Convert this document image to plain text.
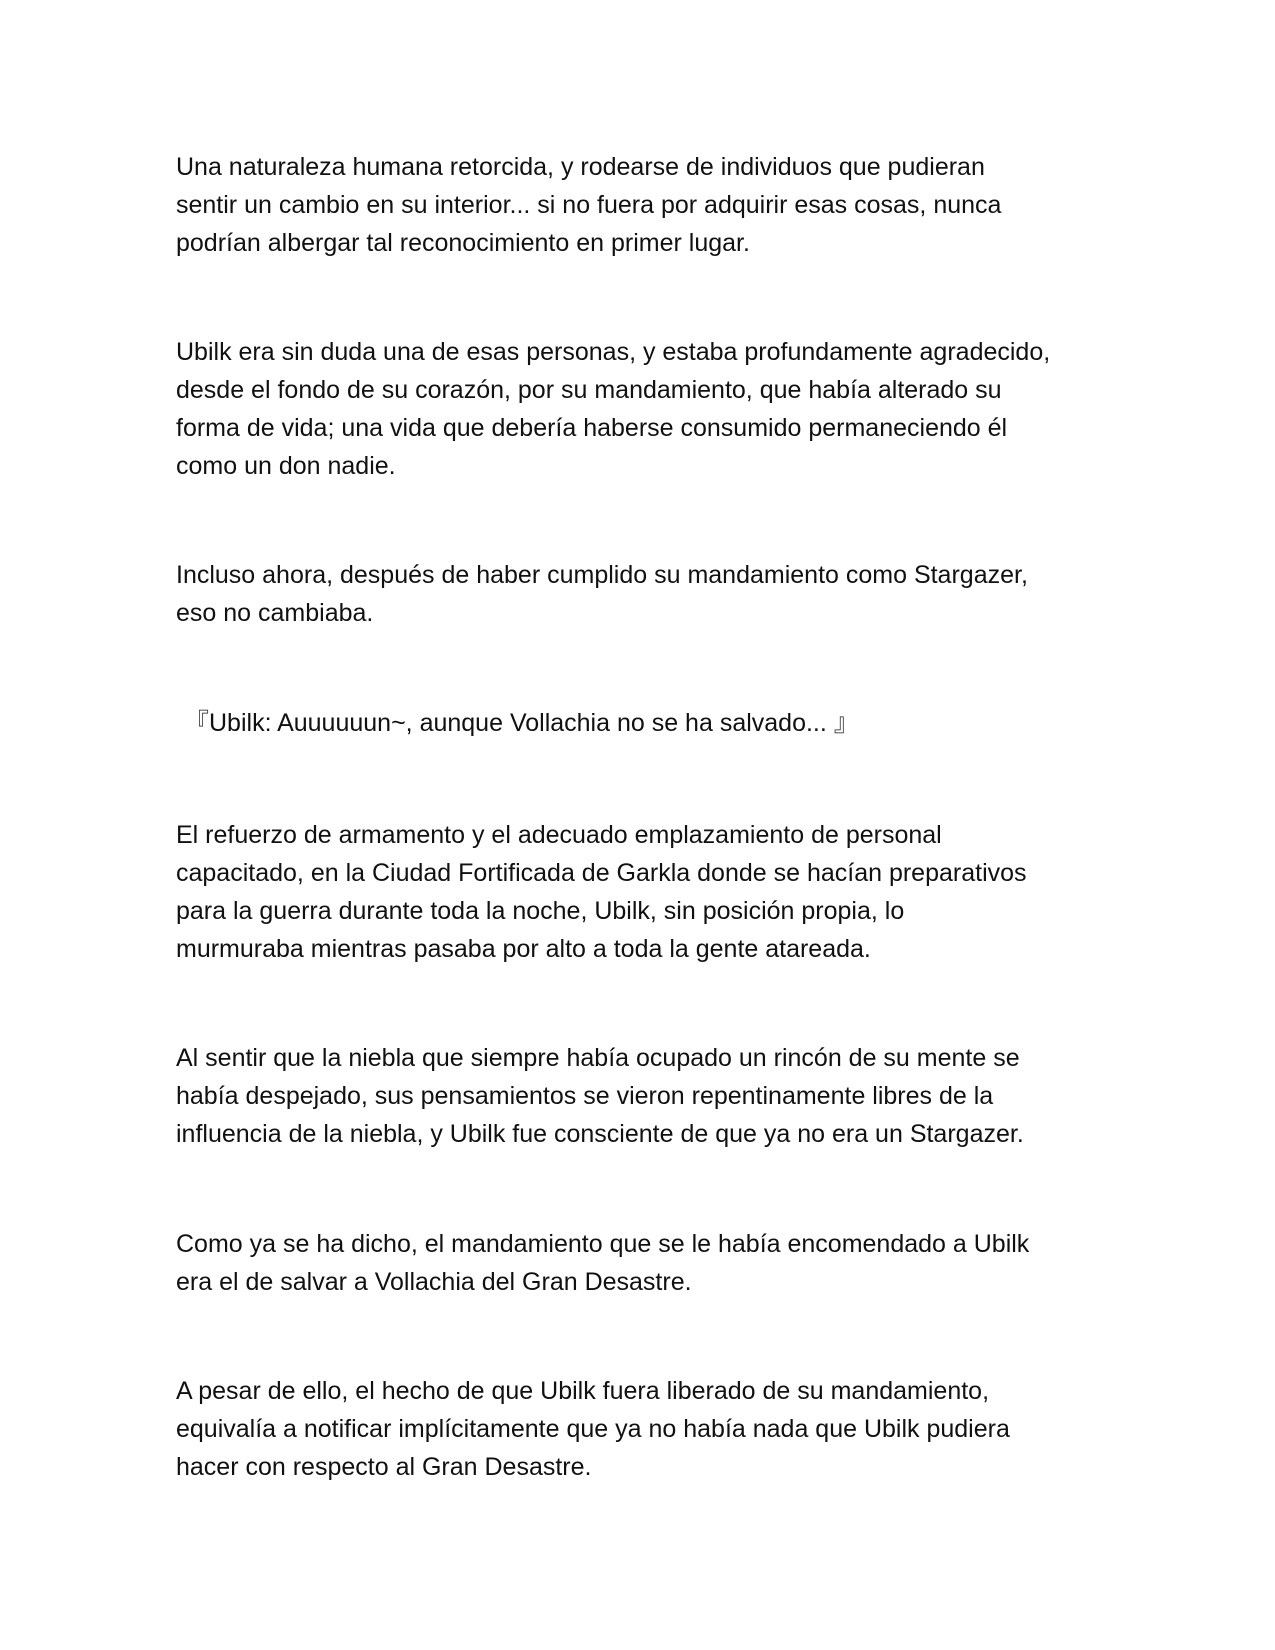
Una naturaleza humana retorcida, y rodearse de individuos que pudieran
sentir un cambio en su interior... si no fuera por adquirir esas cosas, nunca
podrían albergar tal reconocimiento en primer lugar.

Ubilk era sin duda una de esas personas, y estaba profundamente agradecido,
desde el fondo de su corazón, por su mandamiento, que había alterado su
forma de vida; una vida que debería haberse consumido permaneciendo él
como un don nadie.

Incluso ahora, después de haber cumplido su mandamiento como Stargazer,
eso no cambiaba.

『Ubilk: Auuuuuun~, aunque Vollachia no se ha salvado... 』

El refuerzo de armamento y el adecuado emplazamiento de personal
capacitado, en la Ciudad Fortificada de Garkla donde se hacían preparativos
para la guerra durante toda la noche, Ubilk, sin posición propia, lo
murmuraba mientras pasaba por alto a toda la gente atareada.

Al sentir que la niebla que siempre había ocupado un rincón de su mente se
había despejado, sus pensamientos se vieron repentinamente libres de la
influencia de la niebla, y Ubilk fue consciente de que ya no era un Stargazer.

Como ya se ha dicho, el mandamiento que se le había encomendado a Ubilk
era el de salvar a Vollachia del Gran Desastre.

A pesar de ello, el hecho de que Ubilk fuera liberado de su mandamiento,
equivalía a notificar implícitamente que ya no había nada que Ubilk pudiera
hacer con respecto al Gran Desastre.
